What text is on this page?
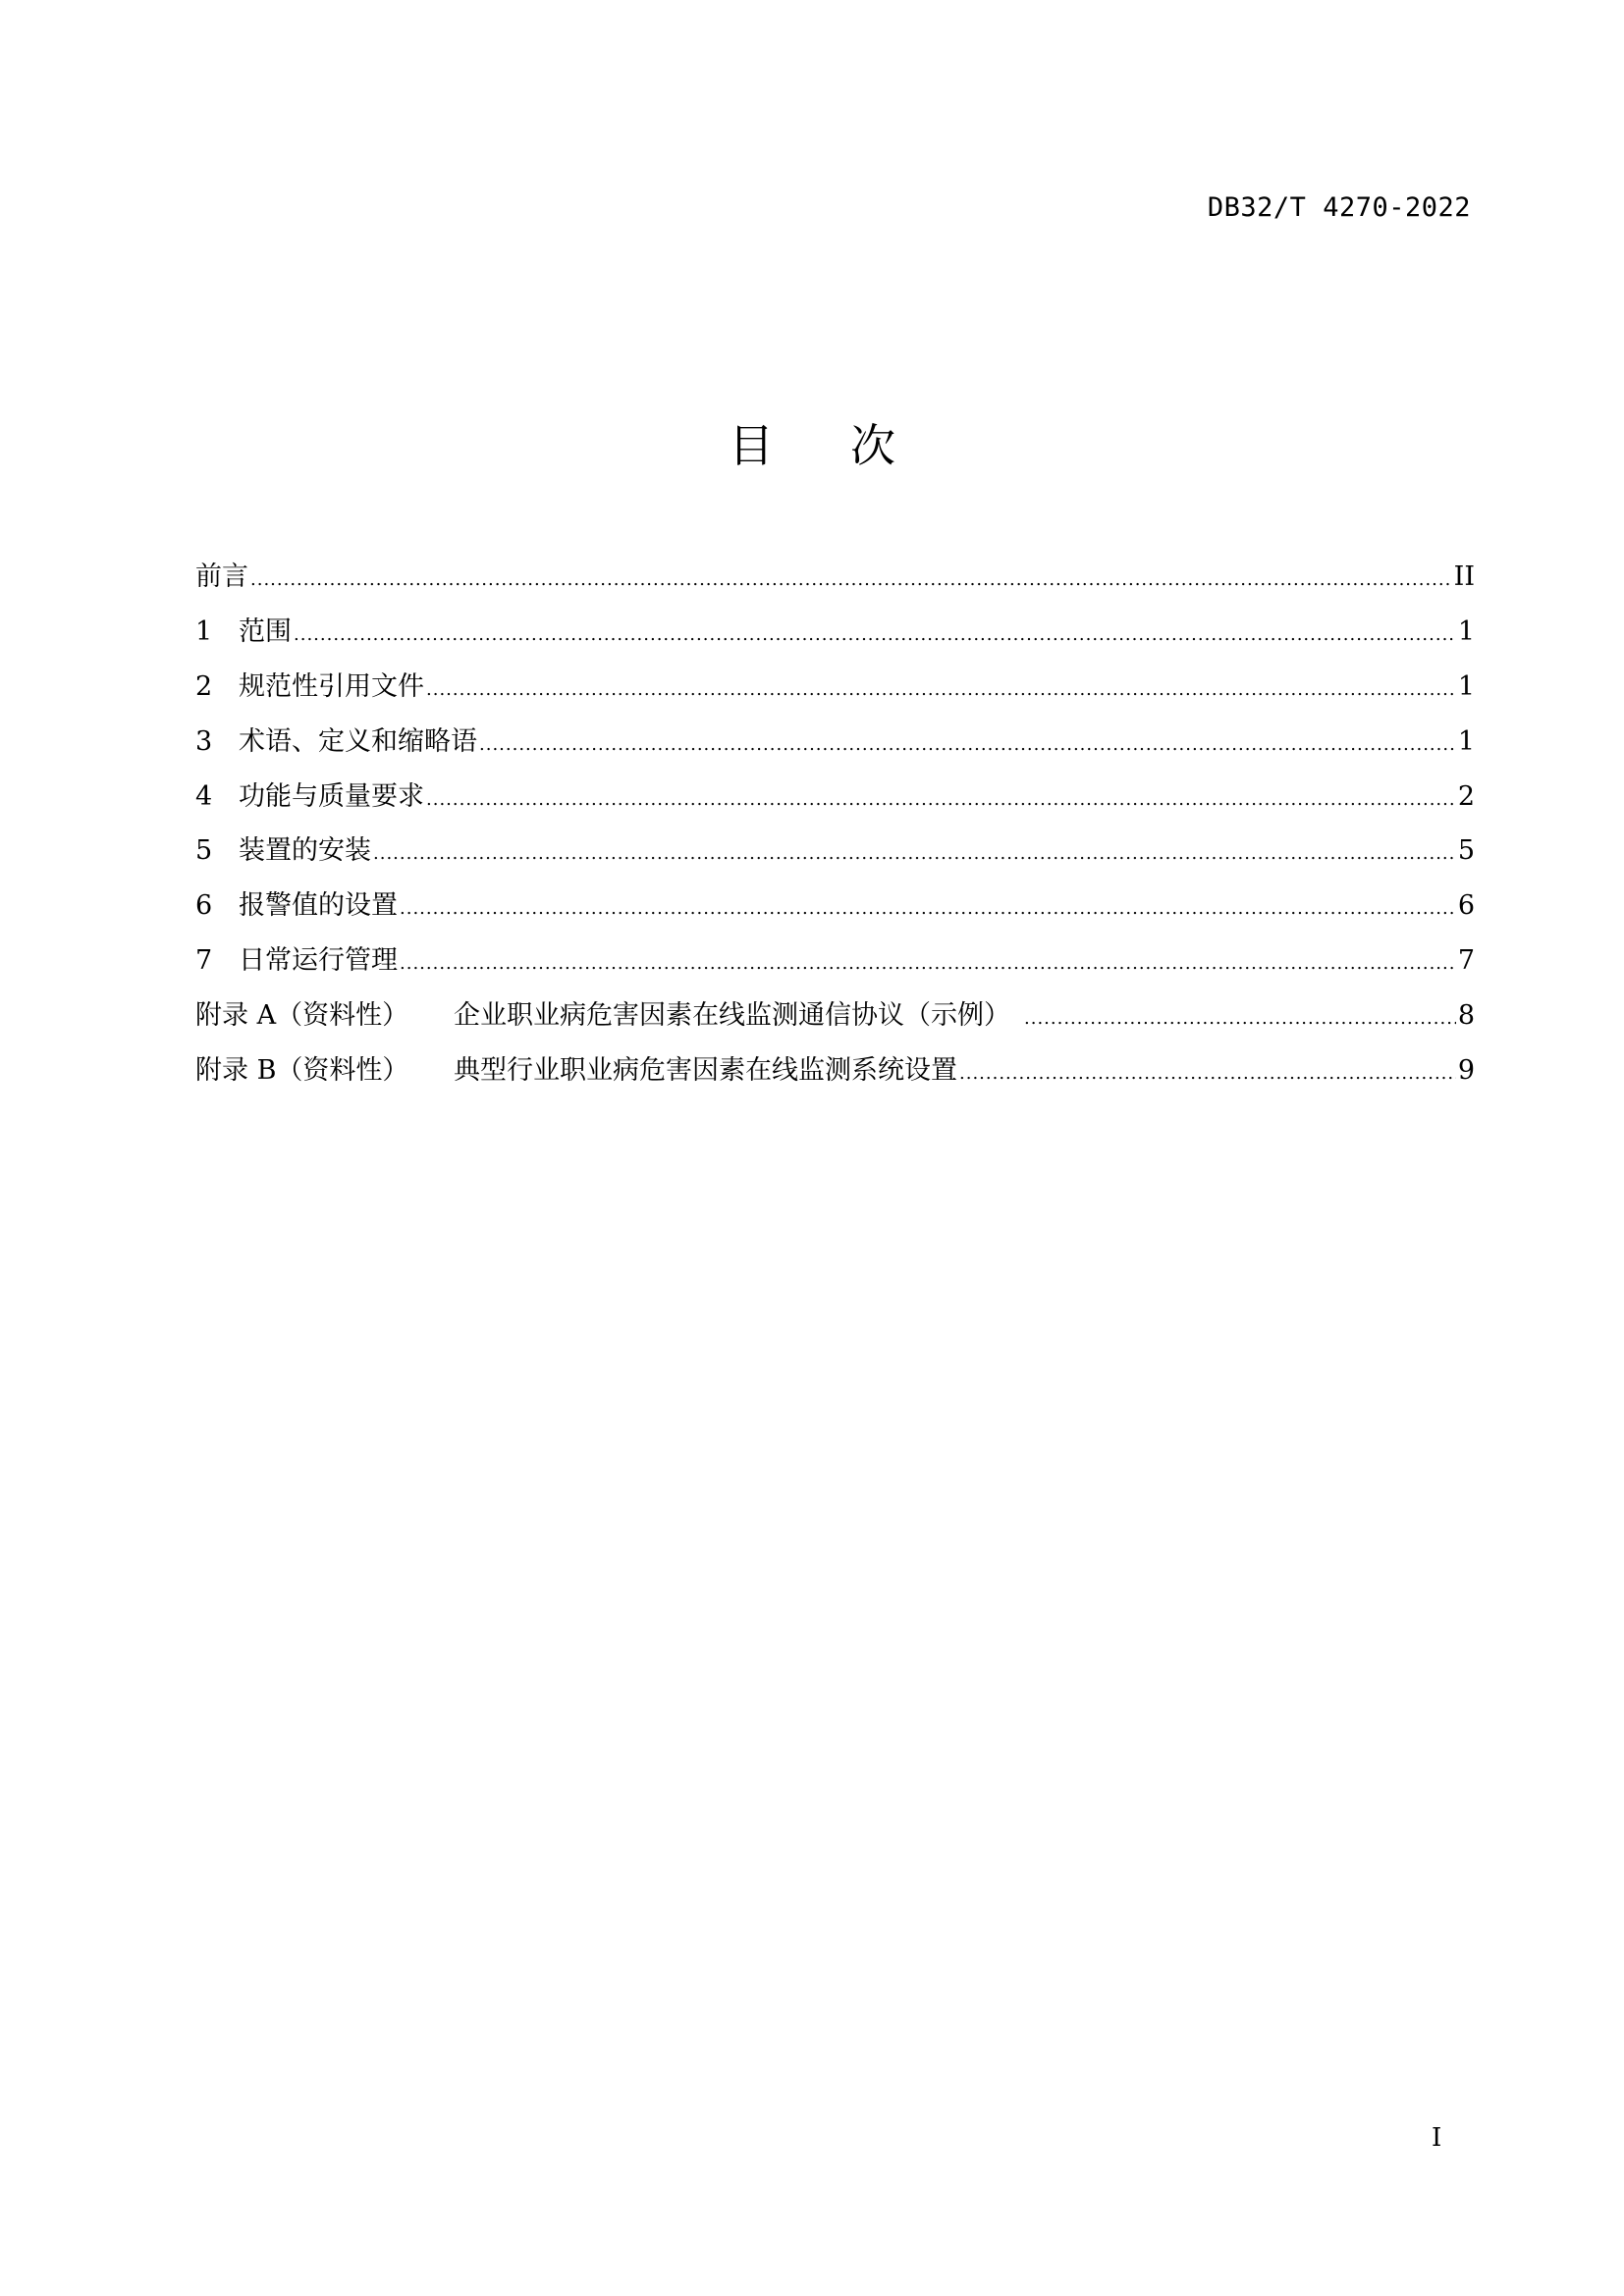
DB32/T 4270-2022
目次
前言 .....	II
1 范围 .....	1
2 规范性引用文件 .....	1
3 术语、定义和缩略语 .....	1
4 功能与质量要求 .....	2
5 装置的安装 .....	5
6 报警值的设置 .....	6
7 日常运行管理 .....	7
附录 A（资料性）	企业职业病危害因素在线监测通信协议（示例） .....	8
附录 B（资料性）	典型行业职业病危害因素在线监测系统设置 .....	9
I
